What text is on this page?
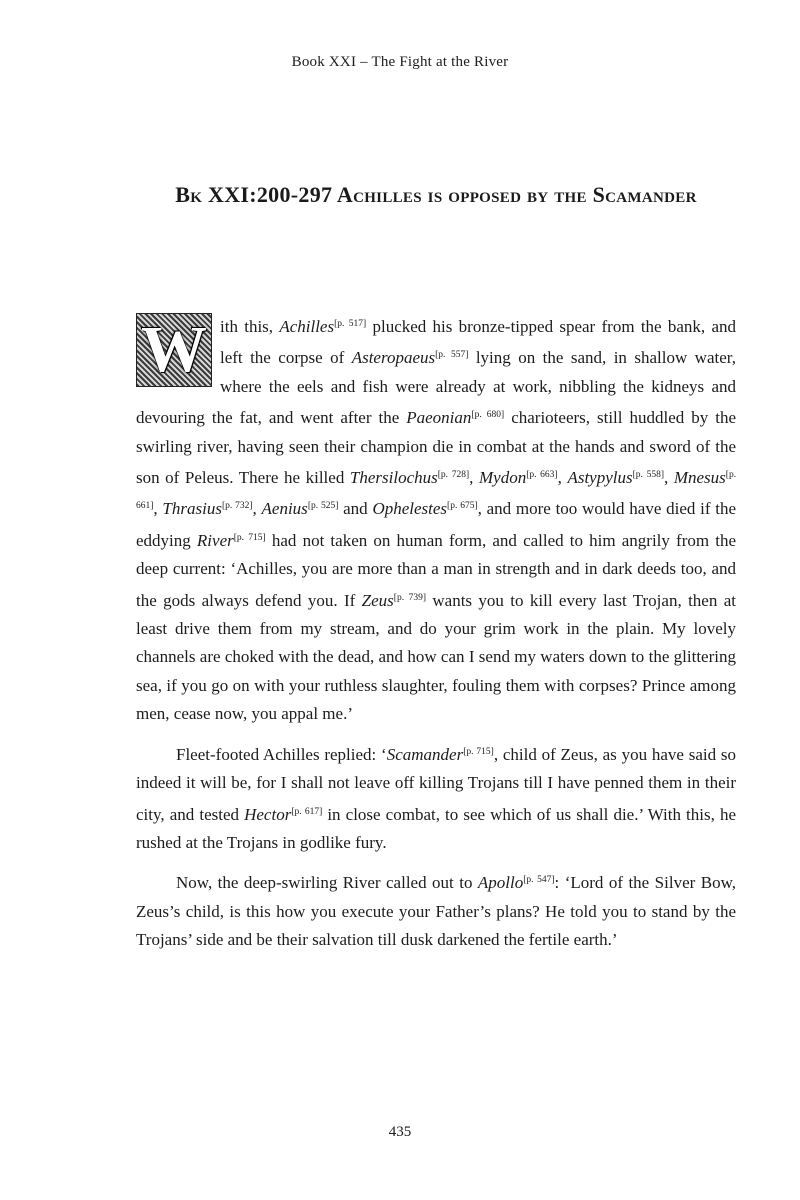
Book XXI – The Fight at the River
Bk XXI:200-297 Achilles is opposed by the Scamander

W ith this, Achilles[p. 517] plucked his bronze-tipped spear from the bank, and left the corpse of Asteropaeus[p. 557] lying on the sand, in shallow water, where the eels and fish were already at work, nibbling the kidneys and devouring the fat, and went after the Paeonian[p. 680] charioteers, still huddled by the swirling river, having seen their champion die in combat at the hands and sword of the son of Peleus. There he killed Thersilochus[p. 728], Mydon[p. 663], Astypylus[p. 558], Mnesus[p. 661], Thrasius[p. 732], Aenius[p. 525] and Ophelestes[p. 675], and more too would have died if the eddying River[p. 715] had not taken on human form, and called to him angrily from the deep current: ‘Achilles, you are more than a man in strength and in dark deeds too, and the gods always defend you. If Zeus[p. 739] wants you to kill every last Trojan, then at least drive them from my stream, and do your grim work in the plain. My lovely channels are choked with the dead, and how can I send my waters down to the glittering sea, if you go on with your ruthless slaughter, fouling them with corpses? Prince among men, cease now, you appal me.’

Fleet-footed Achilles replied: ‘Scamander[p. 715], child of Zeus, as you have said so indeed it will be, for I shall not leave off killing Trojans till I have penned them in their city, and tested Hector[p. 617] in close combat, to see which of us shall die.’ With this, he rushed at the Trojans in godlike fury.

Now, the deep-swirling River called out to Apollo[p. 547]: ‘Lord of the Silver Bow, Zeus’s child, is this how you execute your Father’s plans? He told you to stand by the Trojans’ side and be their salvation till dusk darkened the fertile earth.’

435
